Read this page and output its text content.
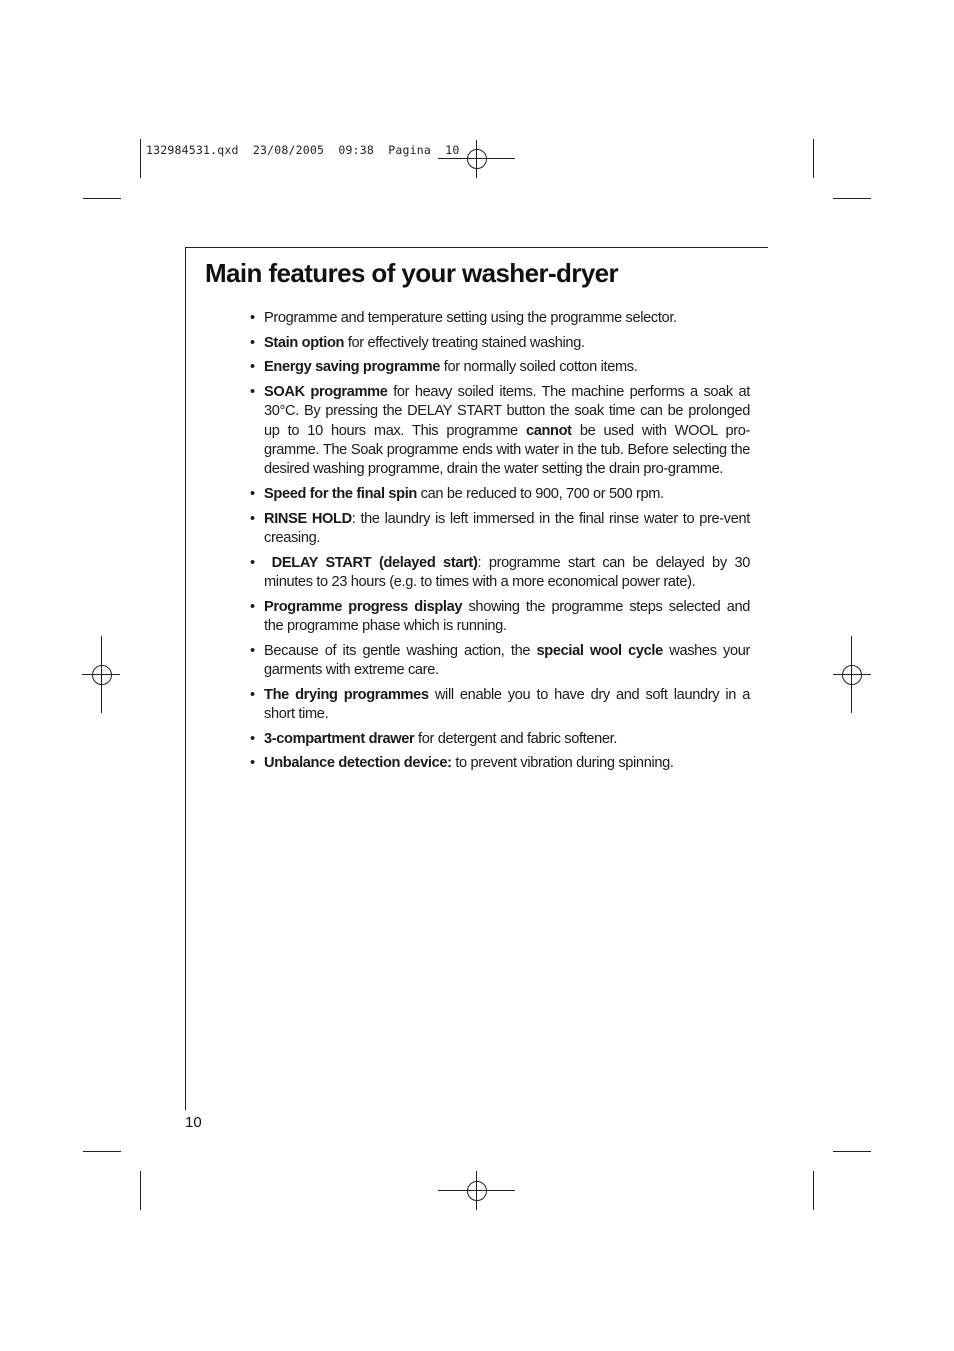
132984531.qxd 23/08/2005 09:38 Pagina 10
Main features of your washer-dryer
• Programme and temperature setting using the programme selector.
• Stain option for effectively treating stained washing.
• Energy saving programme for normally soiled cotton items.
• SOAK programme for heavy soiled items. The machine performs a soak at 30°C. By pressing the DELAY START button the soak time can be prolonged up to 10 hours max. This programme cannot be used with WOOL pro-gramme. The Soak programme ends with water in the tub. Before selecting the desired washing programme, drain the water setting the drain pro-gramme.
• Speed for the final spin can be reduced to 900, 700 or 500 rpm.
• RINSE HOLD: the laundry is left immersed in the final rinse water to pre-vent creasing.
•  DELAY START (delayed start): programme start can be delayed by 30 minutes to 23 hours (e.g. to times with a more economical power rate).
• Programme progress display showing the programme steps selected and the programme phase which is running.
• Because of its gentle washing action, the special wool cycle washes your garments with extreme care.
• The drying programmes will enable you to have dry and soft laundry in a short time.
• 3-compartment drawer for detergent and fabric softener.
• Unbalance detection device: to prevent vibration during spinning.
10
